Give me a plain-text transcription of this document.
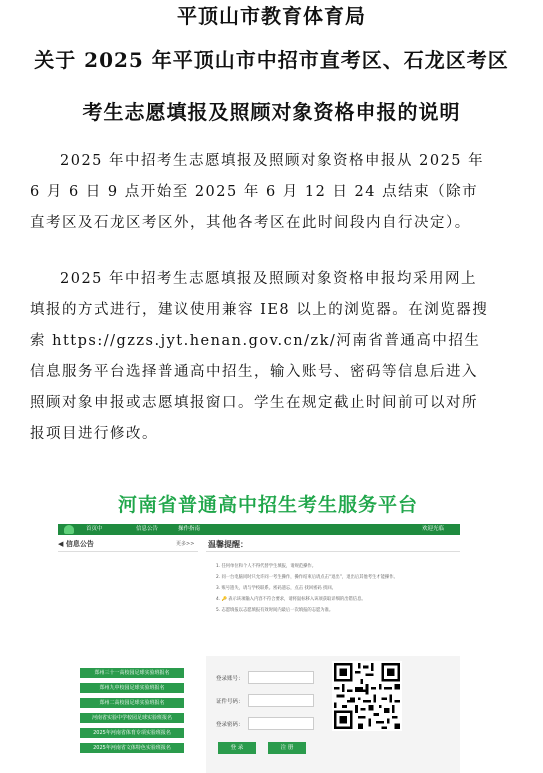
平顶山市教育体育局
关于 2025 年平顶山市中招市直考区、石龙区考区
考生志愿填报及照顾对象资格申报的说明
2025 年中招考生志愿填报及照顾对象资格申报从 2025 年 6 月 6 日 9 点开始至 2025 年 6 月 12 日 24 点结束（除市直考区及石龙区考区外，其他各考区在此时间段内自行决定）。
2025 年中招考生志愿填报及照顾对象资格申报均采用网上填报的方式进行，建议使用兼容 IE8 以上的浏览器。在浏览器搜索 https://gzzs.jyt.henan.gov.cn/zk/河南省普通高中招生信息服务平台选择普通高中招生，输入账号、密码等信息后进入照顾对象申报或志愿填报窗口。学生在规定截止时间前可以对所报项目进行修改。
河南省普通高中招生考生服务平台
首页中	信息公告	操作指南	欢迎光临
◀ 信息公告	更多>>
郑州三十一高校园足球实验班报名
郑州九中校园足球实验班报名
郑州二高校园足球实验班报名
河南省实验中学校园足球实验班报名
2025年河南省体育专项实验班报名
2025年河南省文体特色实验班报名
温馨提醒：
1. 任何单位和个人不得代替学生填报，请规范操作。
2. 同一台电脑同时只允许同一考生操作，操作结束后请点击“退出”，退出后其他考生才能操作。
3. 账号遗失，请与学校联系。密码遗忘，点击 找回密码 找回。
4. 🔑 表示该项输入内容不符合要求，请将鼠标移入该项获取详细的出错信息。
5. 志愿填报以志愿填报有效时间内最后一次填报的志愿为准。
登录账号：
证件号码：
登录密码：
登 录	注 册
